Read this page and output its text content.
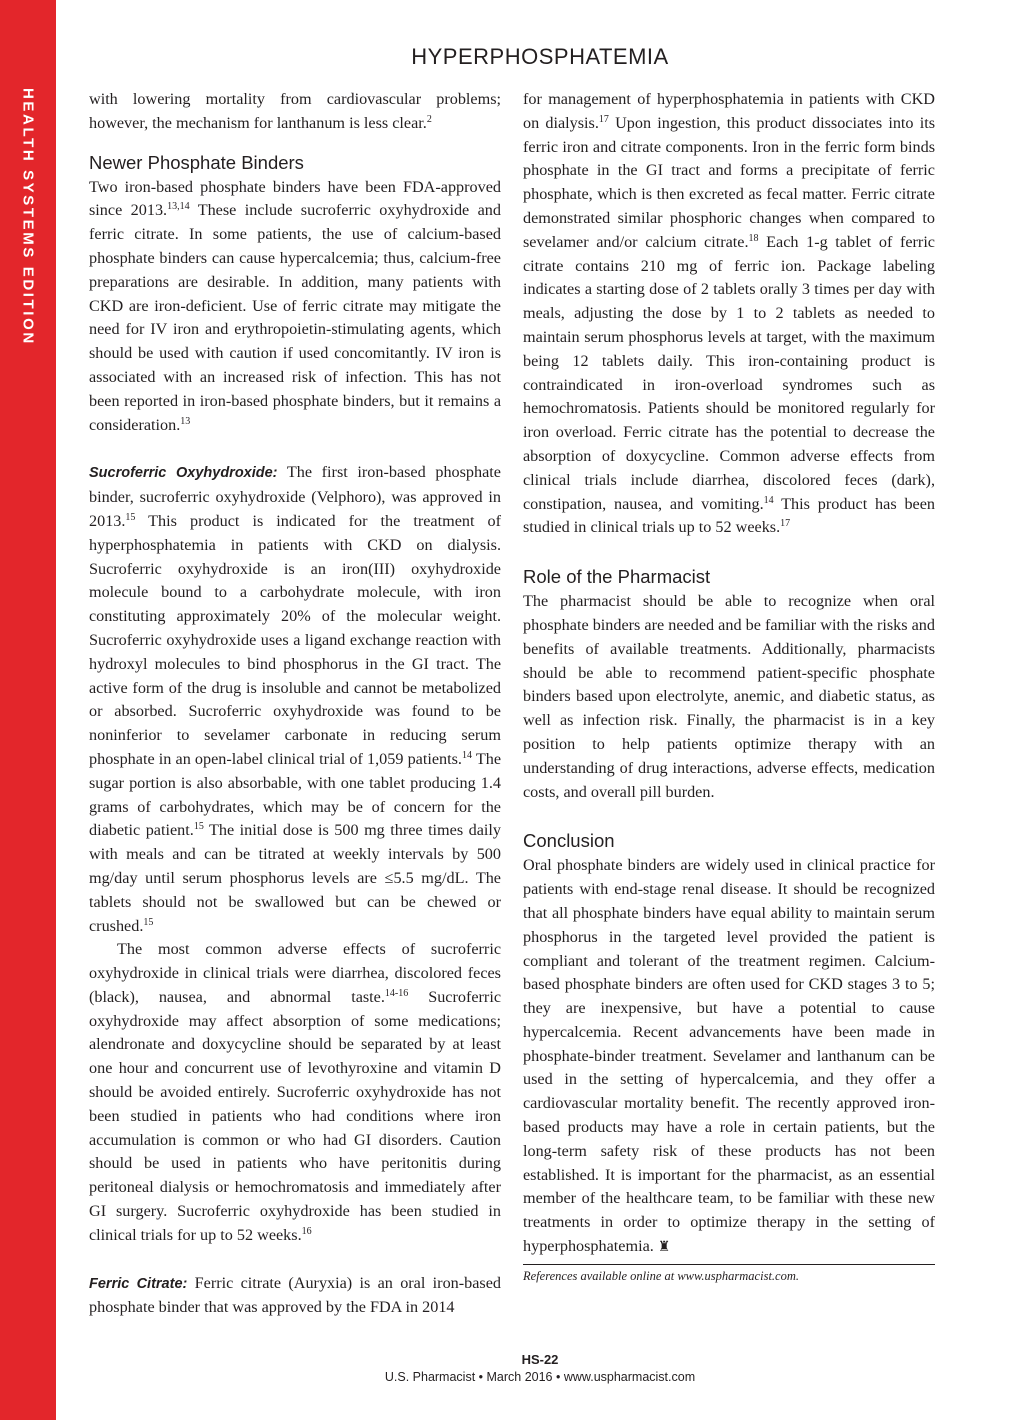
HEALTH SYSTEMS EDITION
HYPERPHOSPHATEMIA

with lowering mortality from cardiovascular problems; however, the mechanism for lanthanum is less clear.$^2$

Newer Phosphate Binders

Two iron-based phosphate binders have been FDA-approved since 2013.$^{13,14}$ These include sucroferric oxyhydroxide and ferric citrate. In some patients, the use of calcium-based phosphate binders can cause hypercalcemia; thus, calcium-free preparations are desirable. In addition, many patients with CKD are iron-deficient. Use of ferric citrate may mitigate the need for IV iron and erythropoietin-stimulating agents, which should be used with caution if used concomitantly. IV iron is associated with an increased risk of infection. This has not been reported in iron-based phosphate binders, but it remains a consideration.$^{13}$

Sucroferric Oxyhydroxide: The first iron-based phosphate binder, sucroferric oxyhydroxide (Velphoro), was approved in 2013.15 This product is indicated for the treatment of hyperphosphatemia in patients with CKD on dialysis. Sucroferric oxyhydroxide is an iron(III) oxyhydroxide molecule bound to a carbohydrate molecule, with iron constituting approximately 20% of the molecular weight. Sucroferric oxyhydroxide uses a ligand exchange reaction with hydroxyl molecules to bind phosphorus in the GI tract. The active form of the drug is insoluble and cannot be metabolized or absorbed. Sucroferric oxyhydroxide was found to be noninferior to sevelamer carbonate in reducing serum phosphate in an open-label clinical trial of 1,059 patients.$^{14}$ The sugar portion is also absorbable, with one tablet producing 1.4 grams of carbohydrates, which may be of concern for the diabetic patient.$^{15}$ The initial dose is 500 mg three times daily with meals and can be titrated at weekly intervals by 500 mg/day until serum phosphorus levels are ≤5.5 mg/dL. The tablets should not be swallowed but can be chewed or crushed.$^{15}$

The most common adverse effects of sucroferric oxyhydroxide in clinical trials were diarrhea, discolored feces (black), nausea, and abnormal taste.$^{14-16}$ Sucroferric oxyhydroxide may affect absorption of some medications; alendronate and doxycycline should be separated by at least one hour and concurrent use of levothyroxine and vitamin D should be avoided entirely. Sucroferric oxyhydroxide has not been studied in patients who had conditions where iron accumulation is common or who had GI disorders. Caution should be used in patients who have peritonitis during peritoneal dialysis or hemochromatosis and immediately after GI surgery. Sucroferric oxyhydroxide has been studied in clinical trials for up to 52 weeks.$^{16}$

Ferric Citrate: Ferric citrate (Auryxia) is an oral iron-based phosphate binder that was approved by the FDA in 2014

for management of hyperphosphatemia in patients with CKD on dialysis.$^{17}$ Upon ingestion, this product dissociates into its ferric iron and citrate components. Iron in the ferric form binds phosphate in the GI tract and forms a precipitate of ferric phosphate, which is then excreted as fecal matter. Ferric citrate demonstrated similar phosphoric changes when compared to sevelamer and/or calcium citrate.$^{18}$ Each 1-g tablet of ferric citrate contains 210 mg of ferric ion. Package labeling indicates a starting dose of 2 tablets orally 3 times per day with meals, adjusting the dose by 1 to 2 tablets as needed to maintain serum phosphorus levels at target, with the maximum being 12 tablets daily. This iron-containing product is contraindicated in iron-overload syndromes such as hemochromatosis. Patients should be monitored regularly for iron overload. Ferric citrate has the potential to decrease the absorption of doxycycline. Common adverse effects from clinical trials include diarrhea, discolored feces (dark), constipation, nausea, and vomiting.$^{14}$ This product has been studied in clinical trials up to 52 weeks.$^{17}$

Role of the Pharmacist

The pharmacist should be able to recognize when oral phosphate binders are needed and be familiar with the risks and benefits of available treatments. Additionally, pharmacists should be able to recommend patient-specific phosphate binders based upon electrolyte, anemic, and diabetic status, as well as infection risk. Finally, the pharmacist is in a key position to help patients optimize therapy with an understanding of drug interactions, adverse effects, medication costs, and overall pill burden.

Conclusion

Oral phosphate binders are widely used in clinical practice for patients with end-stage renal disease. It should be recognized that all phosphate binders have equal ability to maintain serum phosphorus in the targeted level provided the patient is compliant and tolerant of the treatment regimen. Calcium-based phosphate binders are often used for CKD stages 3 to 5; they are inexpensive, but have a potential to cause hypercalcemia. Recent advancements have been made in phosphate-binder treatment. Sevelamer and lanthanum can be used in the setting of hypercalcemia, and they offer a cardiovascular mortality benefit. The recently approved iron-based products may have a role in certain patients, but the long-term safety risk of these products has not been established. It is important for the pharmacist, as an essential member of the healthcare team, to be familiar with these new treatments in order to optimize therapy in the setting of hyperphosphatemia. ♜

References available online at www.uspharmacist.com.
HS-22
U.S. Pharmacist • March 2016 • www.uspharmacist.com
